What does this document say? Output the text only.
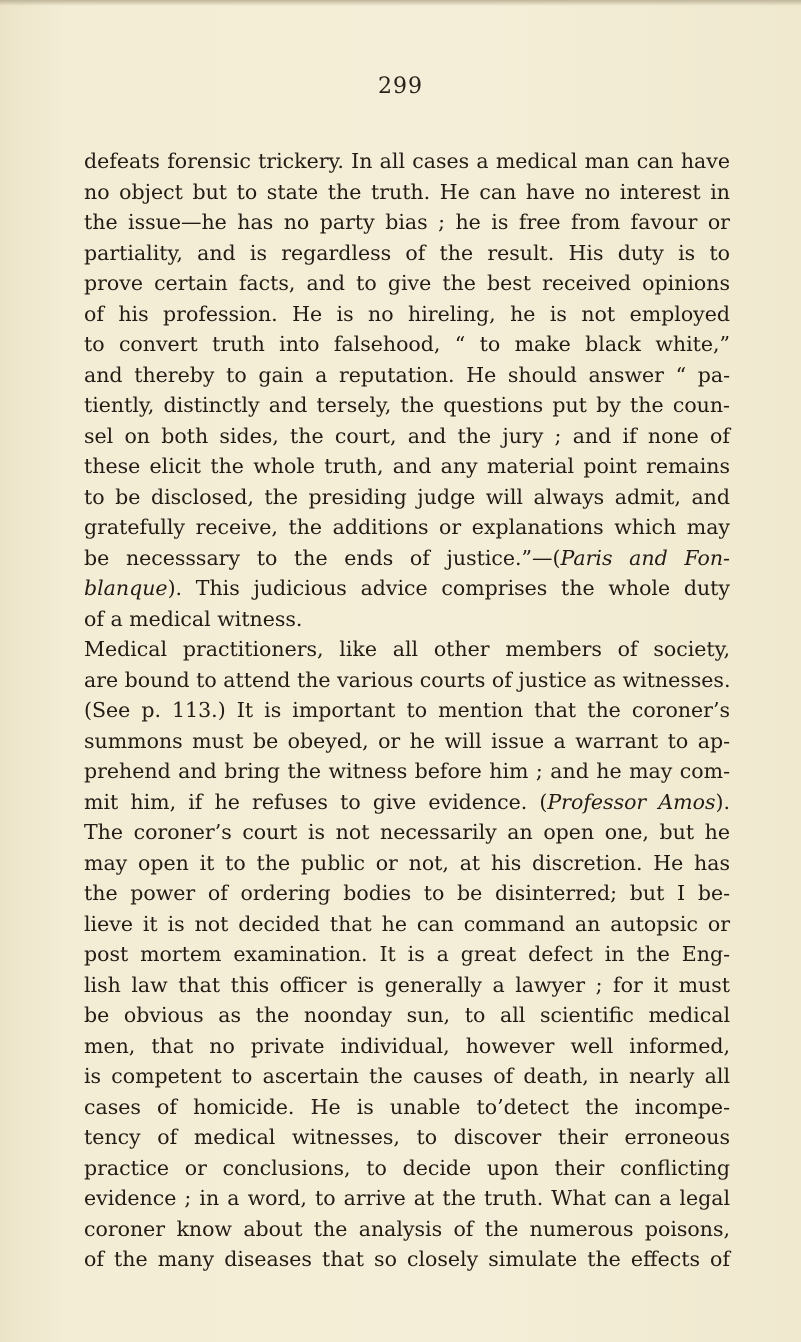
299
defeats forensic trickery. In all cases a medical man can have
no object but to state the truth. He can have no interest in
the issue—he has no party bias ; he is free from favour or
partiality, and is regardless of the result. His duty is to
prove certain facts, and to give the best received opinions
of his profession. He is no hireling, he is not employed
to convert truth into falsehood, “ to make black white,”
and thereby to gain a reputation. He should answer “ pa-
tiently, distinctly and tersely, the questions put by the coun-
sel on both sides, the court, and the jury ; and if none of
these elicit the whole truth, and any material point remains
to be disclosed, the presiding judge will always admit, and
gratefully receive, the additions or explanations which may
be necesssary to the ends of justice.”—(Paris and Fon-
blanque). This judicious advice comprises the whole duty
of a medical witness.
Medical practitioners, like all other members of society,
are bound to attend the various courts of justice as witnesses.
(See p. 113.) It is important to mention that the coroner’s
summons must be obeyed, or he will issue a warrant to ap-
prehend and bring the witness before him ; and he may com-
mit him, if he refuses to give evidence. (Professor Amos).
The coroner’s court is not necessarily an open one, but he
may open it to the public or not, at his discretion. He has
the power of ordering bodies to be disinterred; but I be-
lieve it is not decided that he can command an autopsic or
post mortem examination. It is a great defect in the Eng-
lish law that this officer is generally a lawyer ; for it must
be obvious as the noonday sun, to all scientific medical
men, that no private individual, however well informed,
is competent to ascertain the causes of death, in nearly all
cases of homicide. He is unable to’detect the incompe-
tency of medical witnesses, to discover their erroneous
practice or conclusions, to decide upon their conflicting
evidence ; in a word, to arrive at the truth. What can a legal
coroner know about the analysis of the numerous poisons,
of the many diseases that so closely simulate the effects of
